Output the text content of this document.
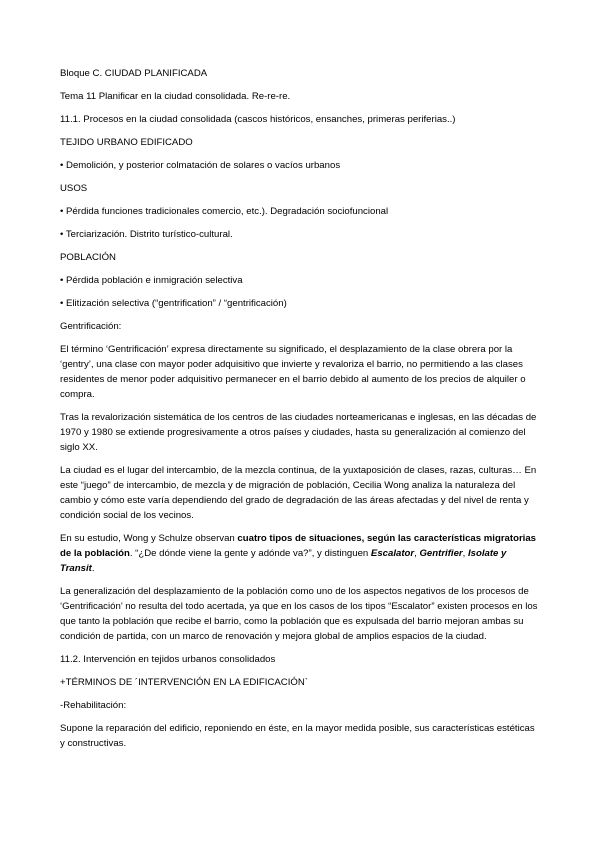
Bloque C. CIUDAD PLANIFICADA

Tema 11 Planificar en la ciudad consolidada. Re-re-re.

11.1. Procesos en la ciudad consolidada (cascos históricos, ensanches, primeras periferias..)

TEJIDO URBANO EDIFICADO

• Demolición, y posterior colmatación de solares o vacíos urbanos

USOS

• Pérdida funciones tradicionales comercio, etc.). Degradación sociofuncional

• Terciarización. Distrito turístico-cultural.

POBLACIÓN

• Pérdida población e inmigración selectiva

• Elitización selectiva (“gentrification” / “gentrificación)

Gentrificación:

El término ‘Gentrificación’ expresa directamente su significado, el desplazamiento de la clase obrera por la ‘gentry’, una clase con mayor poder adquisitivo que invierte y revaloriza el barrio, no permitiendo a las clases residentes de menor poder adquisitivo permanecer en el barrio debido al aumento de los precios de alquiler o compra.

Tras la revalorización sistemática de los centros de las ciudades norteamericanas e inglesas, en las décadas de 1970 y 1980 se extiende progresivamente a otros países y ciudades, hasta su generalización al comienzo del siglo XX.

La ciudad es el lugar del intercambio, de la mezcla continua, de la yuxtaposición de clases, razas, culturas… En este “juego” de intercambio, de mezcla y de migración de población, Cecilia Wong analiza la naturaleza del cambio y cómo este varía dependiendo del grado de degradación de las áreas afectadas y del nivel de renta y condición social de los vecinos.

En su estudio, Wong y Schulze observan cuatro tipos de situaciones, según las características migratorias de la población. “¿De dónde viene la gente y adónde va?”, y distinguen Escalator, Gentrifier, Isolate y Transit.

La generalización del desplazamiento de la población como uno de los aspectos negativos de los procesos de ‘Gentrificación’ no resulta del todo acertada, ya que en los casos de los tipos “Escalator” existen procesos en los que tanto la población que recibe el barrio, como la población que es expulsada del barrio mejoran ambas su condición de partida, con un marco de renovación y mejora global de amplios espacios de la ciudad.

11.2. Intervención en tejidos urbanos consolidados

+TÉRMINOS DE ´INTERVENCIÓN EN LA EDIFICACIÓN`

-Rehabilitación:

Supone la reparación del edificio, reponiendo en éste, en la mayor medida posible, sus características estéticas y constructivas.
